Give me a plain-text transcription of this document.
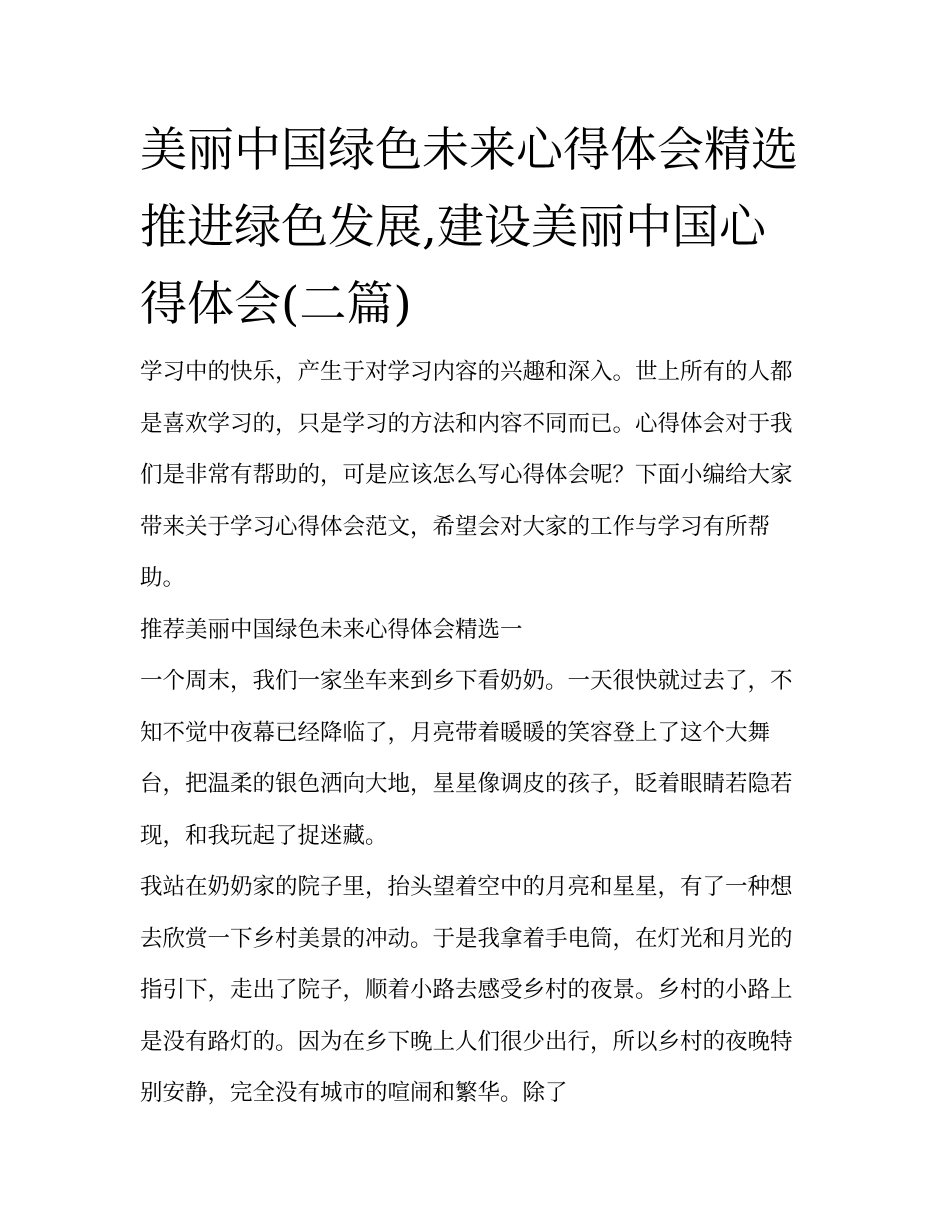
美丽中国绿色未来心得体会精选 推进绿色发展,建设美丽中国心得体会(二篇)

学习中的快乐，产生于对学习内容的兴趣和深入。世上所有的人都是喜欢学习的，只是学习的方法和内容不同而已。心得体会对于我们是非常有帮助的，可是应该怎么写心得体会呢？下面小编给大家带来关于学习心得体会范文，希望会对大家的工作与学习有所帮助。

推荐美丽中国绿色未来心得体会精选一

一个周末，我们一家坐车来到乡下看奶奶。一天很快就过去了，不知不觉中夜幕已经降临了，月亮带着暖暖的笑容登上了这个大舞台，把温柔的银色洒向大地，星星像调皮的孩子，眨着眼睛若隐若现，和我玩起了捉迷藏。

我站在奶奶家的院子里，抬头望着空中的月亮和星星，有了一种想去欣赏一下乡村美景的冲动。于是我拿着手电筒，在灯光和月光的指引下，走出了院子，顺着小路去感受乡村的夜景。乡村的小路上是没有路灯的。因为在乡下晚上人们很少出行，所以乡村的夜晚特别安静，完全没有城市的喧闹和繁华。除了
